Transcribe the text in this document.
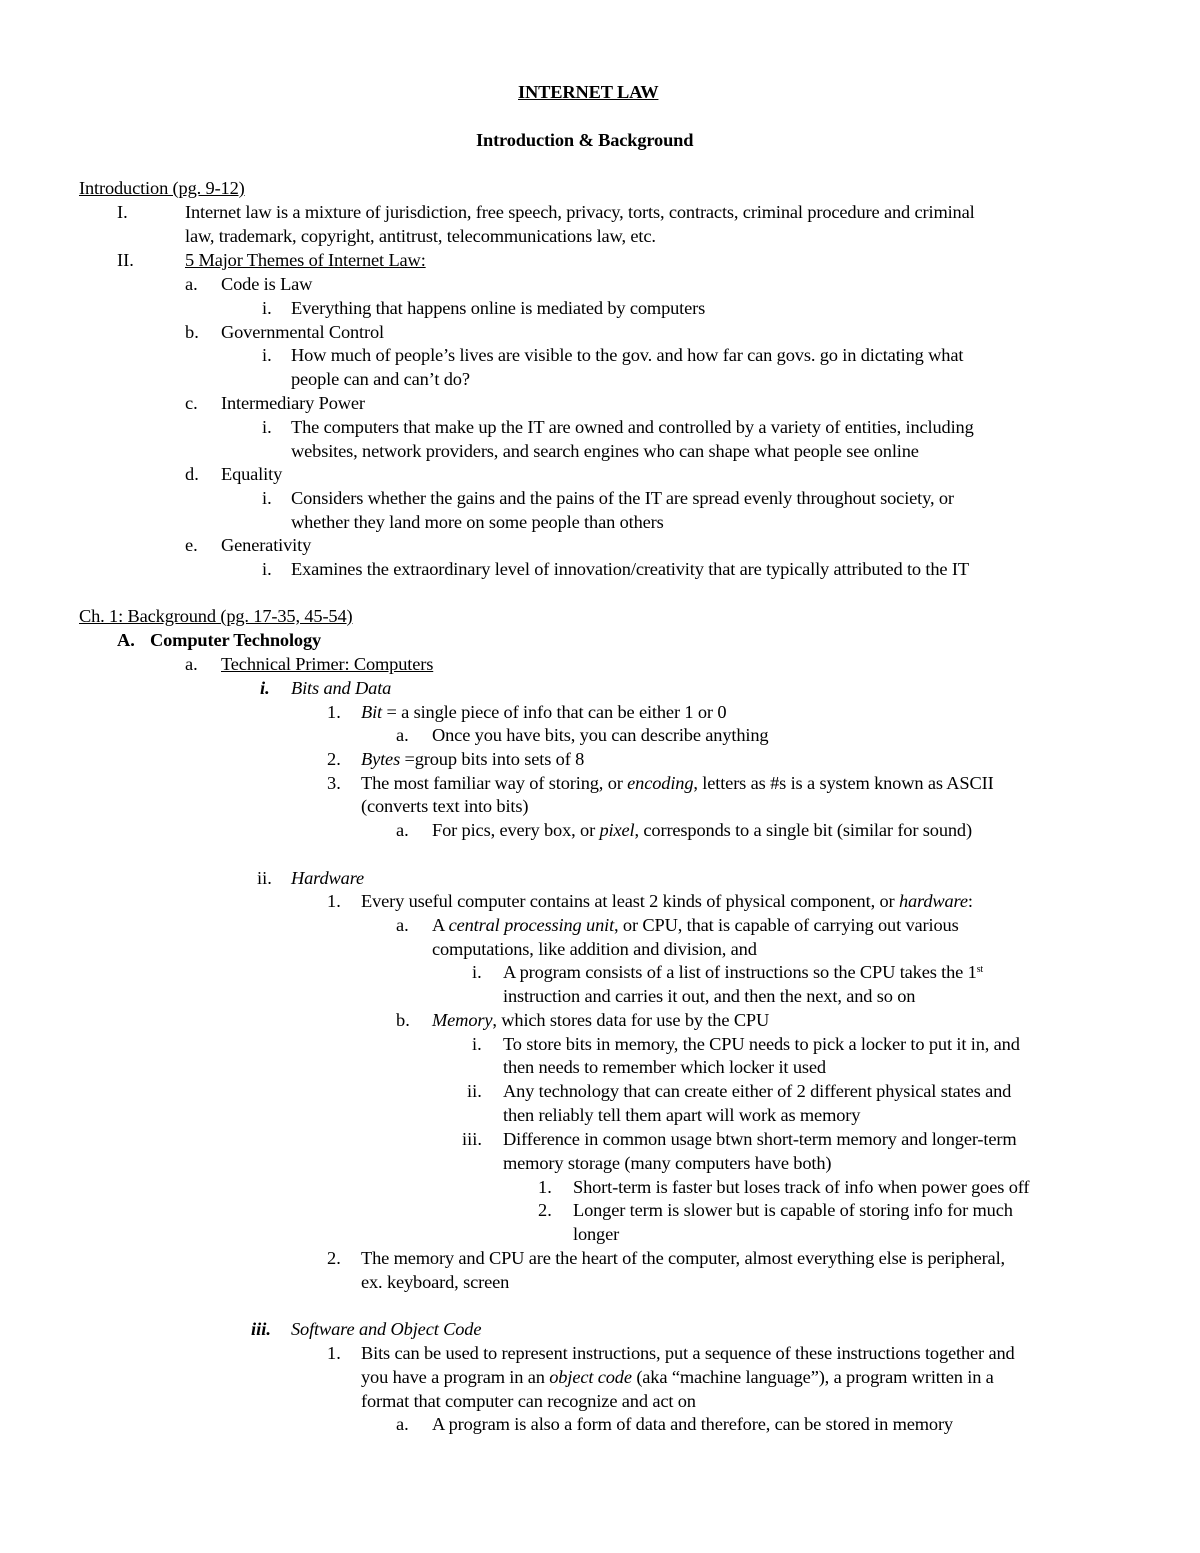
INTERNET LAW
Introduction & Background
Introduction (pg. 9-12)
I.	Internet law is a mixture of jurisdiction, free speech, privacy, torts, contracts, criminal procedure and criminal
law, trademark, copyright, antitrust, telecommunications law, etc.
II.	5 Major Themes of Internet Law:
a. Code is Law
i. Everything that happens online is mediated by computers
b. Governmental Control
i. How much of people’s lives are visible to the gov. and how far can govs. go in dictating what
people can and can’t do?
c. Intermediary Power
i. The computers that make up the IT are owned and controlled by a variety of entities, including
websites, network providers, and search engines who can shape what people see online
d. Equality
i. Considers whether the gains and the pains of the IT are spread evenly throughout society, or
whether they land more on some people than others
e. Generativity
i. Examines the extraordinary level of innovation/creativity that are typically attributed to the IT
Ch. 1: Background (pg. 17-35, 45-54)
A. Computer Technology
a. Technical Primer: Computers
i. Bits and Data
1. Bit = a single piece of info that can be either 1 or 0
a. Once you have bits, you can describe anything
2. Bytes =group bits into sets of 8
3. The most familiar way of storing, or encoding, letters as #s is a system known as ASCII
(converts text into bits)
a. For pics, every box, or pixel, corresponds to a single bit (similar for sound)
ii. Hardware
1. Every useful computer contains at least 2 kinds of physical component, or hardware:
a. A central processing unit, or CPU, that is capable of carrying out various
computations, like addition and division, and
i. A program consists of a list of instructions so the CPU takes the 1st
instruction and carries it out, and then the next, and so on
b. Memory, which stores data for use by the CPU
i. To store bits in memory, the CPU needs to pick a locker to put it in, and
then needs to remember which locker it used
ii. Any technology that can create either of 2 different physical states and
then reliably tell them apart will work as memory
iii. Difference in common usage btwn short-term memory and longer-term
memory storage (many computers have both)
1. Short-term is faster but loses track of info when power goes off
2. Longer term is slower but is capable of storing info for much
longer
2. The memory and CPU are the heart of the computer, almost everything else is peripheral,
ex. keyboard, screen
iii. Software and Object Code
1. Bits can be used to represent instructions, put a sequence of these instructions together and
you have a program in an object code (aka “machine language”), a program written in a
format that computer can recognize and act on
a. A program is also a form of data and therefore, can be stored in memory
